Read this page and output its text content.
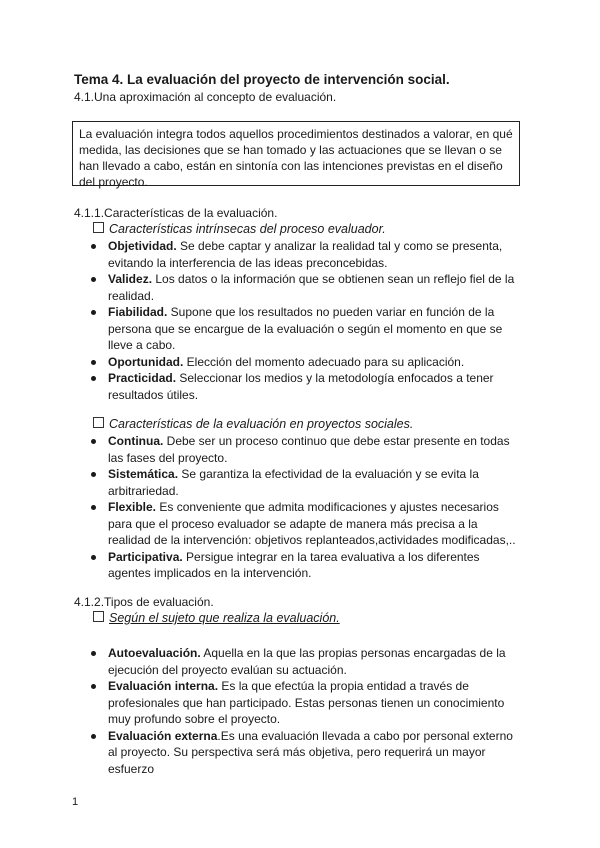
Tema 4. La evaluación del proyecto de intervención social.
4.1.Una aproximación al concepto de evaluación.
La evaluación integra todos aquellos procedimientos destinados a valorar, en qué medida, las decisiones que se han tomado y las actuaciones que se llevan o se han llevado a cabo, están en sintonía con las intenciones previstas en el diseño del proyecto.
4.1.1.Características de la evaluación.
Características intrínsecas del proceso evaluador.
Objetividad. Se debe captar y analizar la realidad tal y como se presenta, evitando la interferencia de las ideas preconcebidas.
Validez. Los datos o la información que se obtienen sean un reflejo fiel de la realidad.
Fiabilidad. Supone que los resultados no pueden variar en función de la persona que se encargue de la evaluación o según el momento en que se lleve a cabo.
Oportunidad. Elección del momento adecuado para su aplicación.
Practicidad. Seleccionar los medios y la metodología enfocados a tener resultados útiles.
Características de la evaluación en proyectos sociales.
Continua. Debe ser un proceso continuo que debe estar presente en todas las fases del proyecto.
Sistemática. Se garantiza la efectividad de la evaluación y se evita la arbitrariedad.
Flexible. Es conveniente que admita modificaciones y ajustes necesarios para que el proceso evaluador se adapte de manera más precisa a la realidad de la intervención: objetivos replanteados,actividades modificadas,..
Participativa. Persigue integrar en la tarea evaluativa a los diferentes agentes implicados en la intervención.
4.1.2.Tipos de evaluación.
Según el sujeto que realiza la evaluación.
Autoevaluación. Aquella en la que las propias personas encargadas de la ejecución del proyecto evalúan su actuación.
Evaluación interna. Es la que efectúa la propia entidad a través de profesionales que han participado. Estas personas tienen un conocimiento muy profundo sobre el proyecto.
Evaluación externa.Es una evaluación llevada a cabo por personal externo al proyecto. Su perspectiva será más objetiva, pero requerirá un mayor esfuerzo
1
